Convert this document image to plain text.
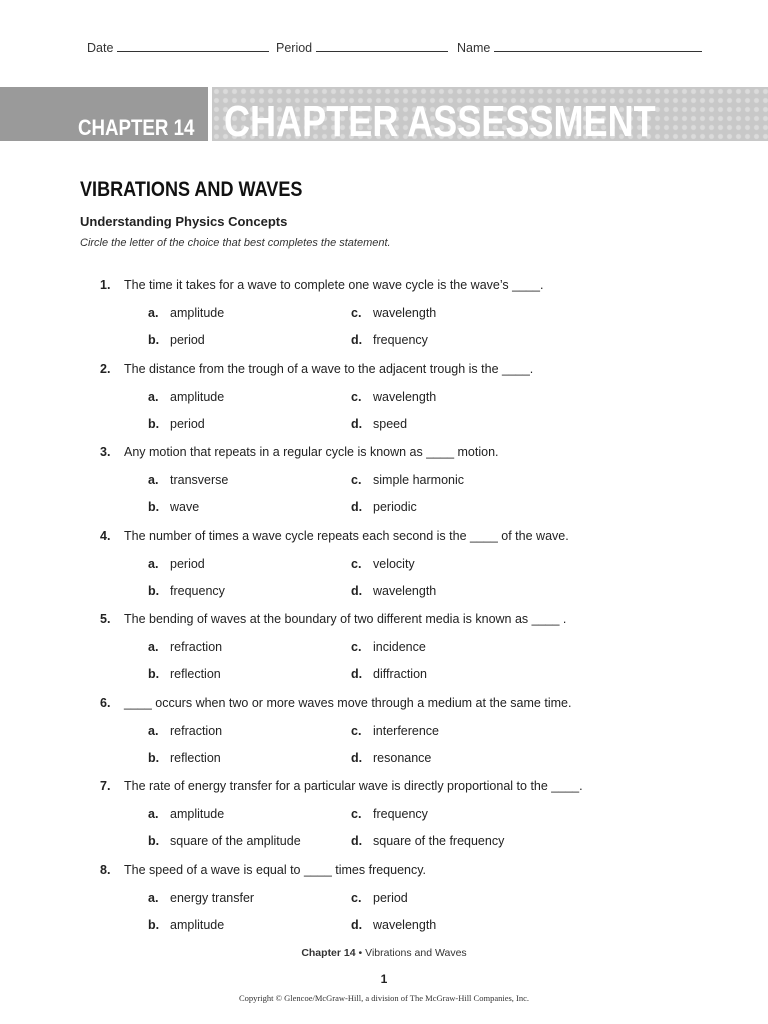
Date	Period	Name
CHAPTER 14 CHAPTER ASSESSMENT
VIBRATIONS AND WAVES
Understanding Physics Concepts
Circle the letter of the choice that best completes the statement.
1. The time it takes for a wave to complete one wave cycle is the wave’s ____.
a. amplitude
b. period
c. wavelength
d. frequency
2. The distance from the trough of a wave to the adjacent trough is the ____.
a. amplitude
b. period
c. wavelength
d. speed
3. Any motion that repeats in a regular cycle is known as ____ motion.
a. transverse
b. wave
c. simple harmonic
d. periodic
4. The number of times a wave cycle repeats each second is the ____ of the wave.
a. period
b. frequency
c. velocity
d. wavelength
5. The bending of waves at the boundary of two different media is known as ____ .
a. refraction
b. reflection
c. incidence
d. diffraction
6. ____ occurs when two or more waves move through a medium at the same time.
a. refraction
b. reflection
c. interference
d. resonance
7. The rate of energy transfer for a particular wave is directly proportional to the ____.
a. amplitude
b. square of the amplitude
c. frequency
d. square of the frequency
8. The speed of a wave is equal to ____ times frequency.
a. energy transfer
b. amplitude
c. period
d. wavelength
Chapter 14 • Vibrations and Waves
1
Copyright © Glencoe/McGraw-Hill, a division of The McGraw-Hill Companies, Inc.
